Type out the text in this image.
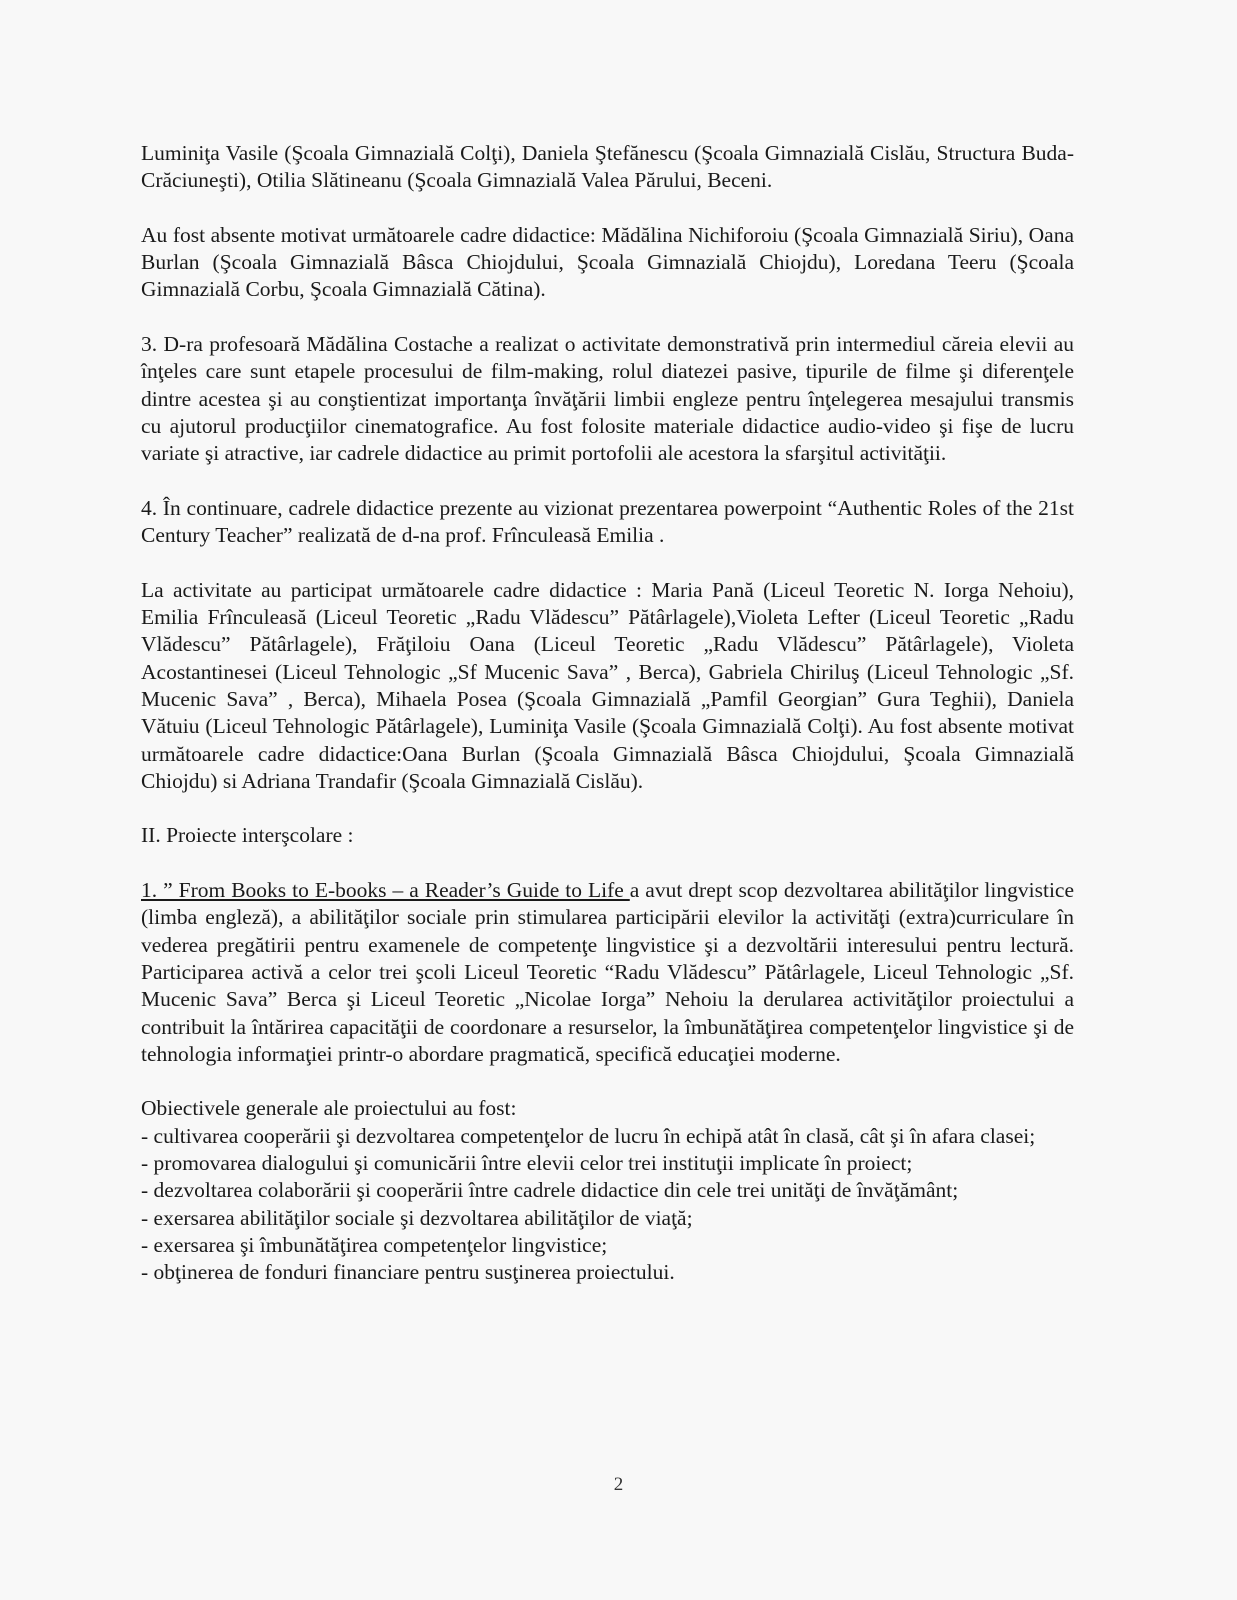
Luminiţa Vasile (Şcoala Gimnazială Colţi), Daniela Ştefănescu (Şcoala Gimnazială Cislău, Structura Buda-Crăciuneşti), Otilia Slătineanu (Şcoala Gimnazială Valea Părului, Beceni.

Au fost absente motivat următoarele cadre didactice: Mădălina Nichiforoiu (Şcoala Gimnazială Siriu), Oana Burlan (Şcoala Gimnazială Bâsca Chiojdului, Şcoala Gimnazială Chiojdu), Loredana Teeru (Şcoala Gimnazială Corbu, Şcoala Gimnazială Cătina).

3. D-ra profesoară Mădălina Costache a realizat o activitate demonstrativă prin intermediul căreia elevii au înţeles care sunt etapele procesului de film-making, rolul diatezei pasive, tipurile de filme şi diferenţele dintre acestea şi au conştientizat importanţa învăţării limbii engleze pentru înţelegerea mesajului transmis cu ajutorul producţiilor cinematografice. Au fost folosite materiale didactice audio-video şi fişe de lucru variate şi atractive, iar cadrele didactice au primit portofolii ale acestora la sfarşitul activităţii.

4. În continuare, cadrele didactice prezente au vizionat prezentarea powerpoint “Authentic Roles of the 21st Century Teacher” realizată de d-na prof. Frînculeasă Emilia .

La activitate au participat următoarele cadre didactice : Maria Pană (Liceul Teoretic N. Iorga Nehoiu), Emilia Frînculeasă (Liceul Teoretic „Radu Vlădescu” Pătârlagele),Violeta Lefter (Liceul Teoretic „Radu Vlădescu” Pătârlagele), Frăţiloiu Oana (Liceul Teoretic „Radu Vlădescu” Pătârlagele), Violeta Acostantinesei (Liceul Tehnologic „Sf Mucenic Sava” , Berca), Gabriela Chiriluş (Liceul Tehnologic „Sf. Mucenic Sava” , Berca), Mihaela Posea (Şcoala Gimnazială „Pamfil Georgian” Gura Teghii), Daniela Vătuiu (Liceul Tehnologic Pătârlagele), Luminiţa Vasile (Şcoala Gimnazială Colţi). Au fost absente motivat următoarele cadre didactice:Oana Burlan (Şcoala Gimnazială Bâsca Chiojdului, Şcoala Gimnazială Chiojdu) si Adriana Trandafir (Şcoala Gimnazială Cislău).

II. Proiecte interşcolare :

1. ” From Books to E-books – a Reader’s Guide to Life a avut drept scop dezvoltarea abilităţilor lingvistice (limba engleză), a abilităţilor sociale prin stimularea participării elevilor la activităţi (extra)curriculare în vederea pregătirii pentru examenele de competenţe lingvistice şi a dezvoltării interesului pentru lectură. Participarea activă a celor trei şcoli Liceul Teoretic “Radu Vlădescu” Pătârlagele, Liceul Tehnologic „Sf. Mucenic Sava” Berca şi Liceul Teoretic „Nicolae Iorga” Nehoiu la derularea activităţilor proiectului a contribuit la întărirea capacităţii de coordonare a resurselor, la îmbunătăţirea competenţelor lingvistice şi de tehnologia informaţiei printr-o abordare pragmatică, specifică educaţiei moderne.

Obiectivele generale ale proiectului au fost:
- cultivarea cooperării şi dezvoltarea competenţelor de lucru în echipă atât în clasă, cât şi în afara clasei;
- promovarea dialogului şi comunicării între elevii celor trei instituţii implicate în proiect;
- dezvoltarea colaborării şi cooperării între cadrele didactice din cele trei unităţi de învăţământ;
- exersarea abilităţilor sociale şi dezvoltarea abilităţilor de viaţă;
- exersarea şi îmbunătăţirea competenţelor lingvistice;
- obţinerea de fonduri financiare pentru susţinerea proiectului.
2
